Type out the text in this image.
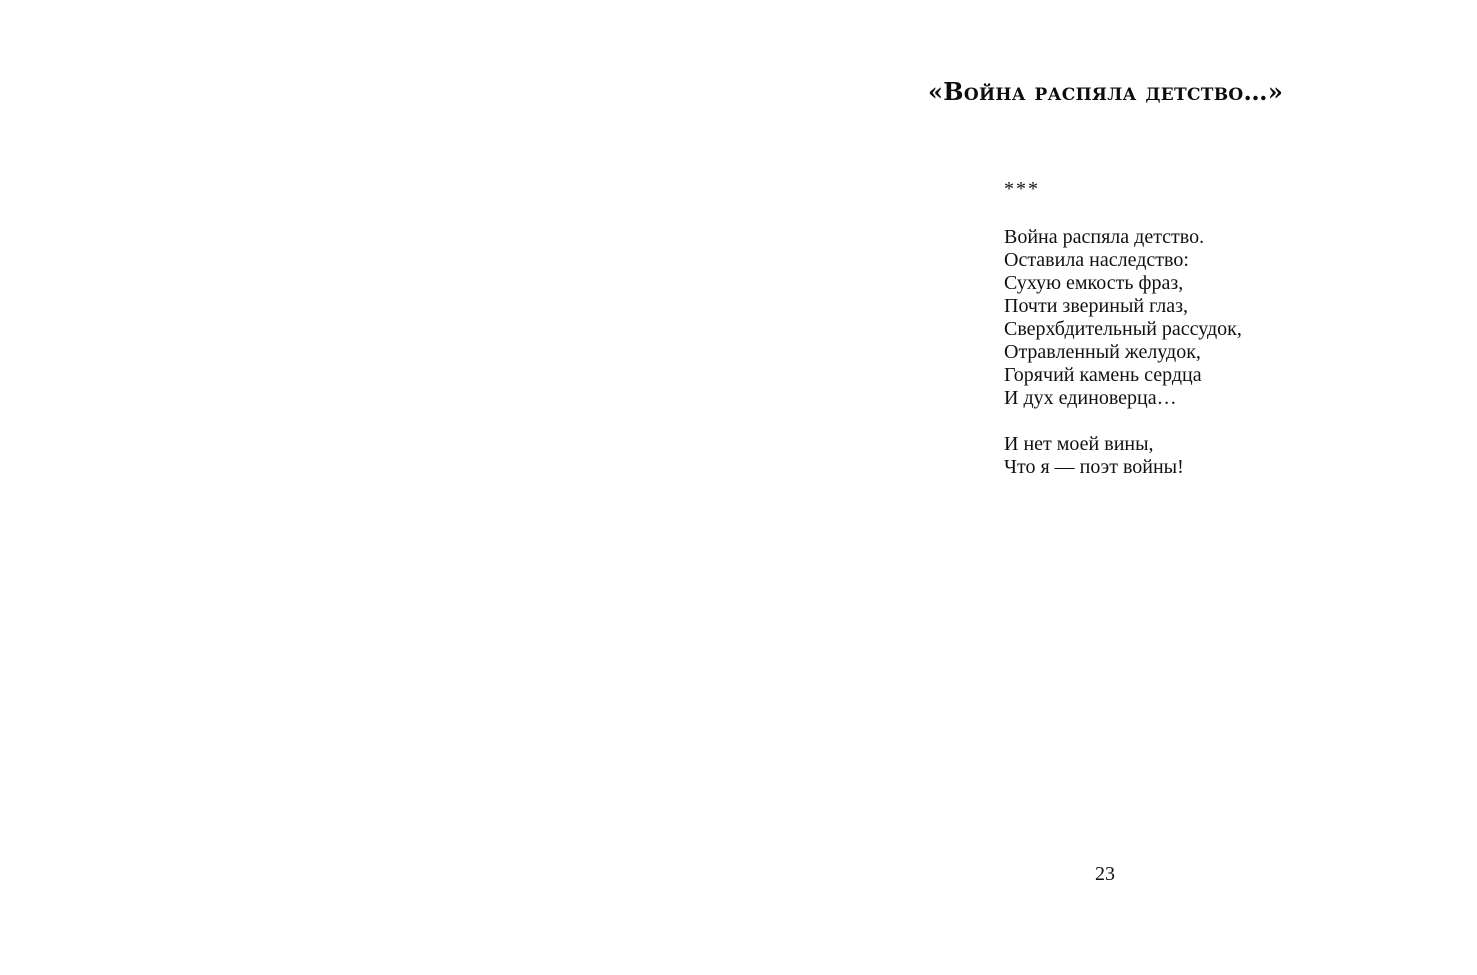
«Война распяла детство…»
***
Война распяла детство.
Оставила наследство:
Сухую емкость фраз,
Почти звериный глаз,
Сверхбдительный рассудок,
Отравленный желудок,
Горячий камень сердца
И дух единоверца…
И нет моей вины,
Что я — поэт войны!
23
